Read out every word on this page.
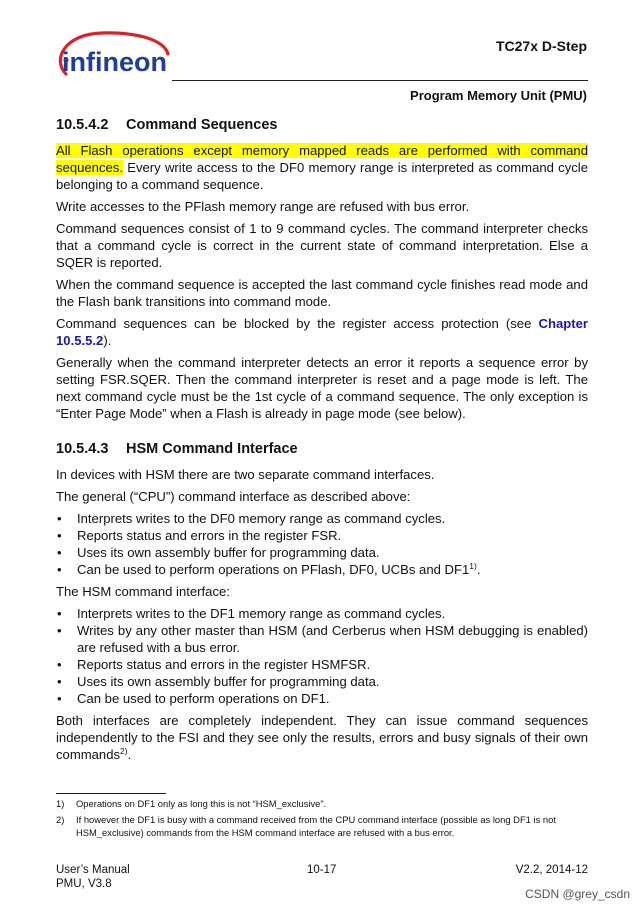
infineon
TC27x D-Step
Program Memory Unit (PMU)
10.5.4.2 Command Sequences

All Flash operations except memory mapped reads are performed with command sequences. Every write access to the DF0 memory range is interpreted as command cycle belonging to a command sequence.

Write accesses to the PFlash memory range are refused with bus error.

Command sequences consist of 1 to 9 command cycles. The command interpreter checks that a command cycle is correct in the current state of command interpretation. Else a SQER is reported.

When the command sequence is accepted the last command cycle finishes read mode and the Flash bank transitions into command mode.

Command sequences can be blocked by the register access protection (see Chapter 10.5.5.2).

Generally when the command interpreter detects an error it reports a sequence error by setting FSR.SQER. Then the command interpreter is reset and a page mode is left. The next command cycle must be the 1st cycle of a command sequence. The only exception is “Enter Page Mode” when a Flash is already in page mode (see below).

10.5.4.3 HSM Command Interface

In devices with HSM there are two separate command interfaces.

The general (“CPU”) command interface as described above:

• Interprets writes to the DF0 memory range as command cycles.
• Reports status and errors in the register FSR.
• Uses its own assembly buffer for programming data.
• Can be used to perform operations on PFlash, DF0, UCBs and DF1$^{1)}$.

The HSM command interface:

• Interprets writes to the DF1 memory range as command cycles.
• Writes by any other master than HSM (and Cerberus when HSM debugging is enabled) are refused with a bus error.
• Reports status and errors in the register HSMFSR.
• Uses its own assembly buffer for programming data.
• Can be used to perform operations on DF1.

Both interfaces are completely independent. They can issue command sequences independently to the FSI and they see only the results, errors and busy signals of their own commands$^{2)}$.

1) Operations on DF1 only as long this is not “HSM_exclusive”.
2) If however the DF1 is busy with a command received from the CPU command interface (possible as long DF1 is not HSM_exclusive) commands from the HSM command interface are refused with a bus error.
User’s Manual
PMU, V3.8
10-17	V2.2, 2014-12
CSDN @grey_csdn
